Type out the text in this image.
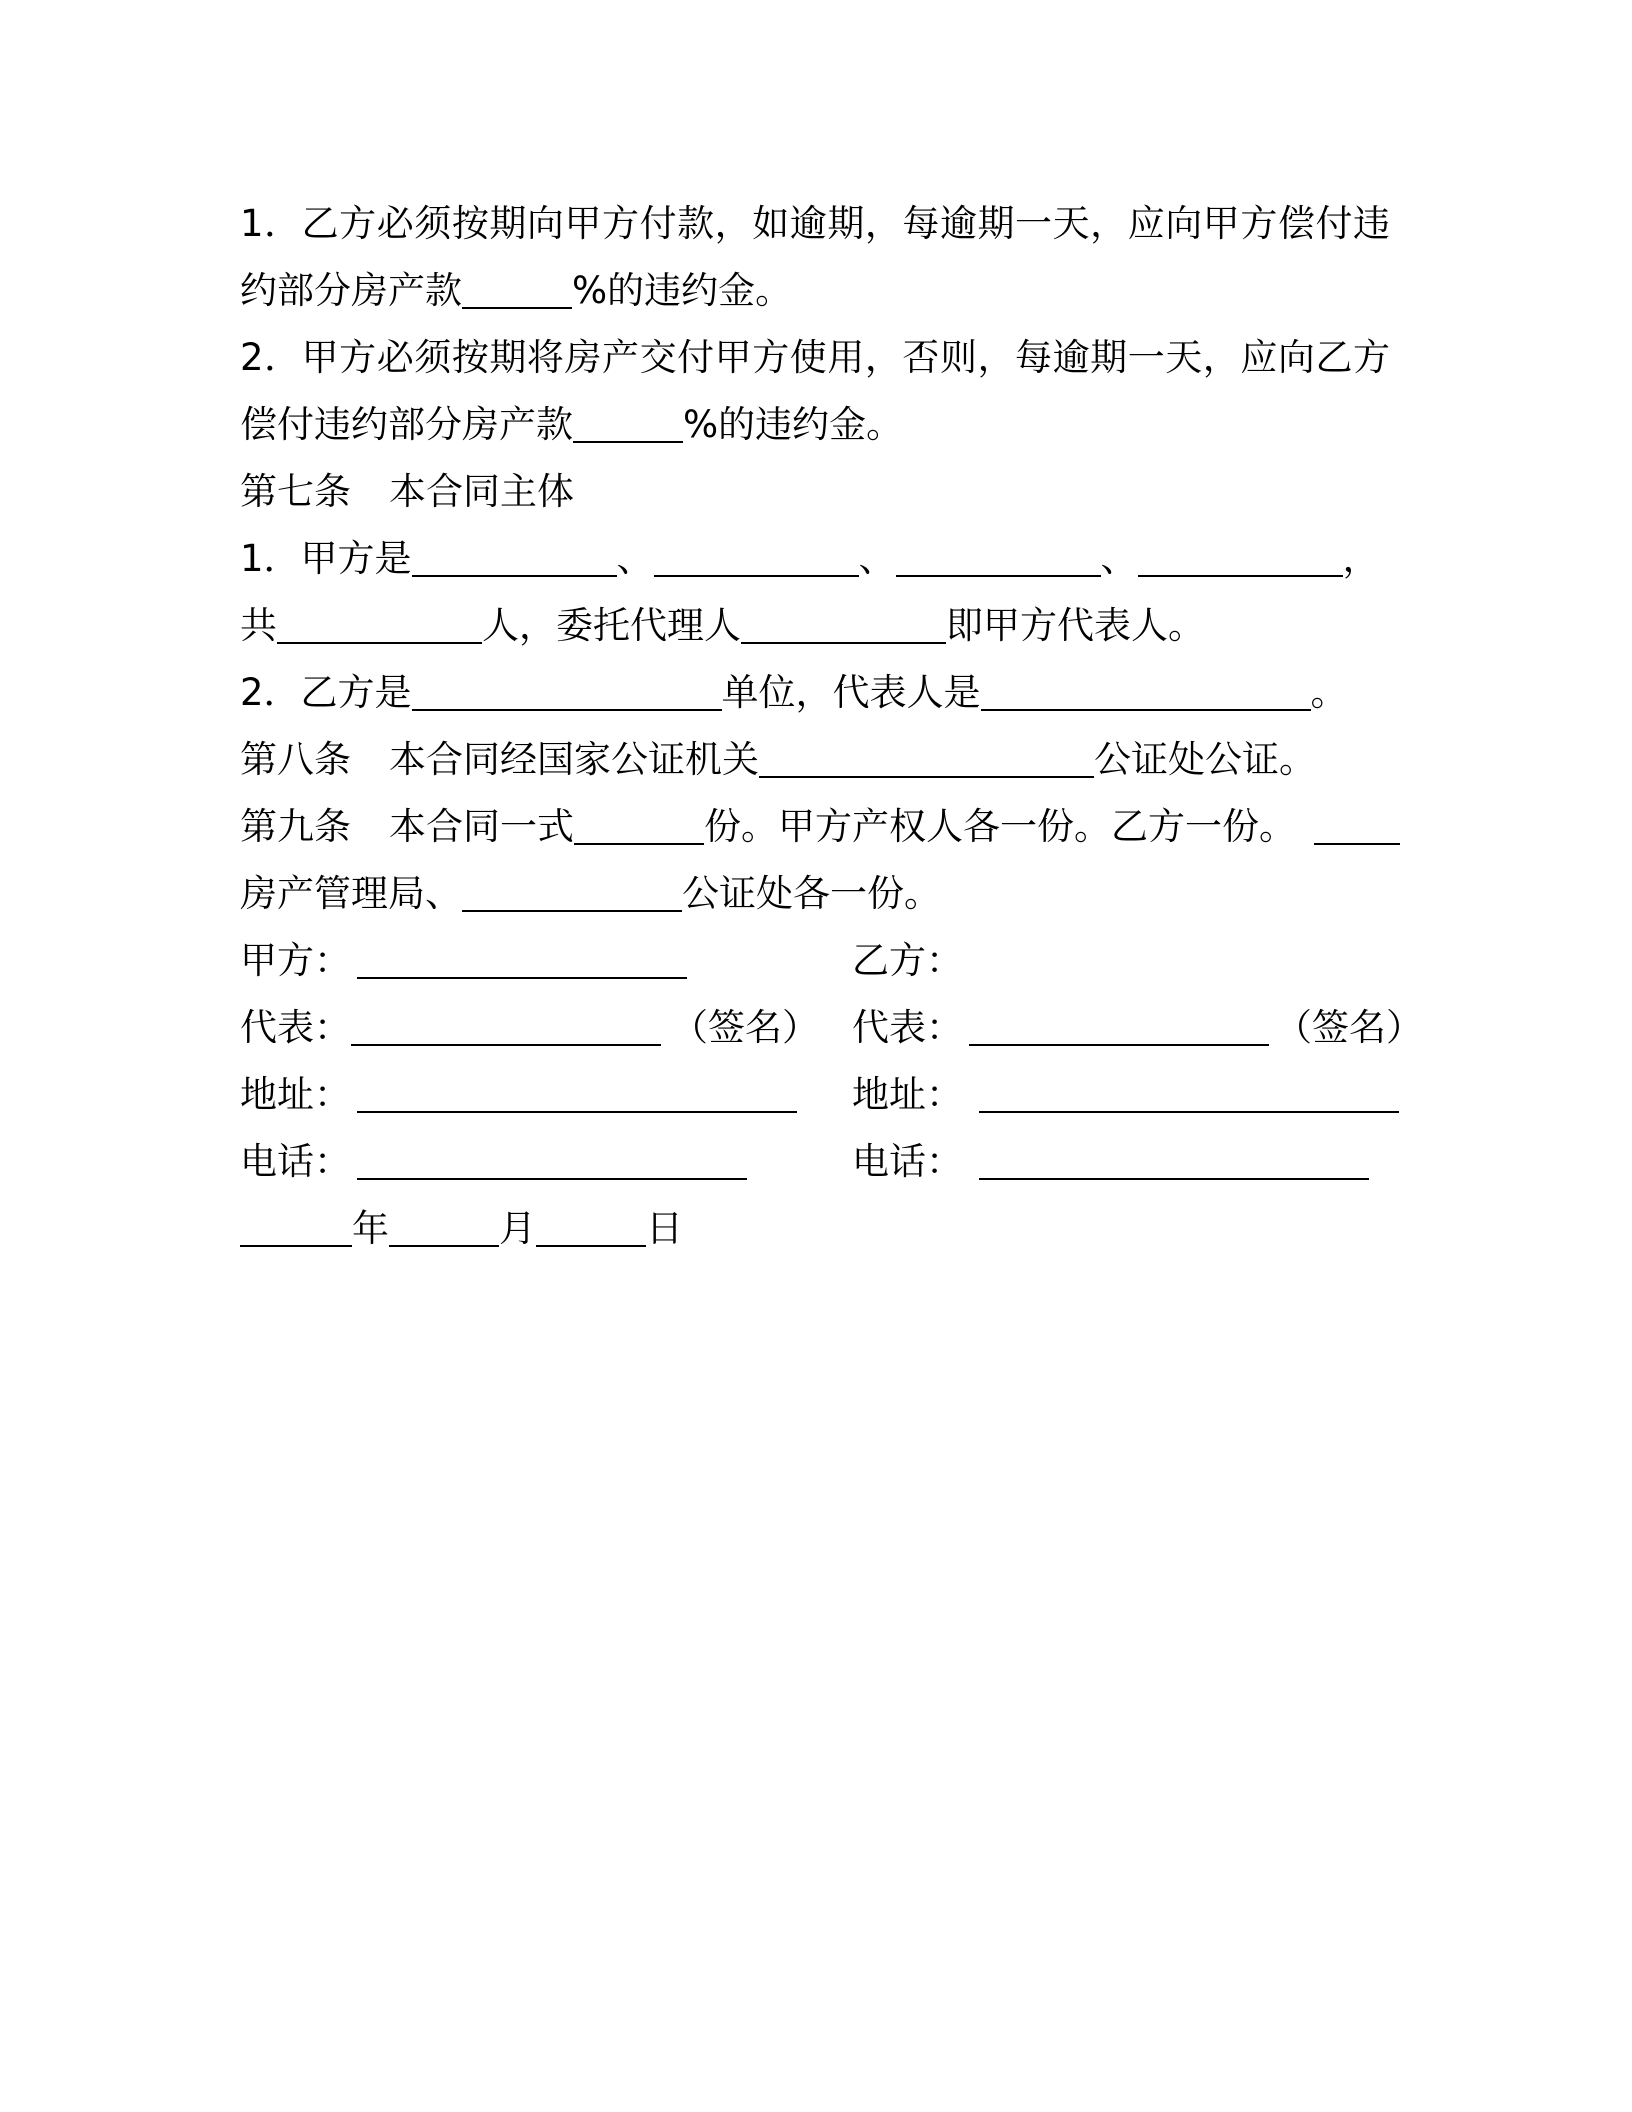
1．乙方必须按期向甲方付款，如逾期，每逾期一天，应向甲方偿付违
约部分房产款	%的违约金。
2．甲方必须按期将房产交付甲方使用，否则，每逾期一天，应向乙方
偿付违约部分房产款	%的违约金。
第七条 本合同主体
1．甲方是	、	、	、	，
共	人，委托代理人	即甲方代表人。
2．乙方是	单位，代表人是	。
第八条 本合同经国家公证机关	公证处公证。
第九条 本合同一式	份。甲方产权人各一份。乙方一份。
房产管理局、	公证处各一份。
甲方：	乙方：
代表：	（签名） 代表：	（签名）
地址：	地址：
电话：	电话：
年	月	日
